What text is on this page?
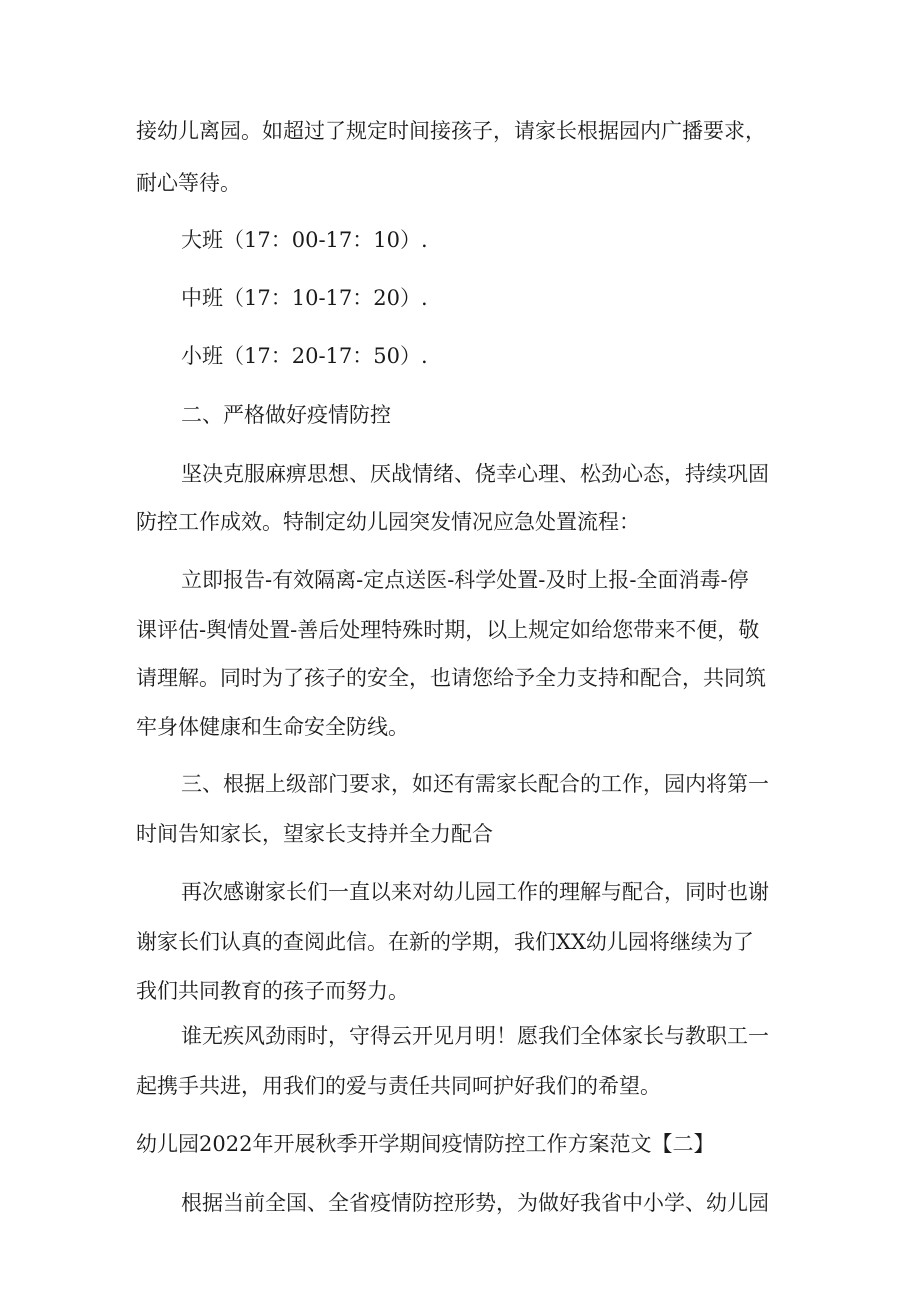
接幼儿离园。如超过了规定时间接孩子，请家长根据园内广播要求，
耐心等待。
大班（17：00-17：10）.
中班（17：10-17：20）.
小班（17：20-17：50）.
二、严格做好疫情防控
坚决克服麻痹思想、厌战情绪、侥幸心理、松劲心态，持续巩固
防控工作成效。特制定幼儿园突发情况应急处置流程：
立即报告-有效隔离-定点送医-科学处置-及时上报-全面消毒-停
课评估-舆情处置-善后处理特殊时期，以上规定如给您带来不便，敬
请理解。同时为了孩子的安全，也请您给予全力支持和配合，共同筑
牢身体健康和生命安全防线。
三、根据上级部门要求，如还有需家长配合的工作，园内将第一
时间告知家长，望家长支持并全力配合
再次感谢家长们一直以来对幼儿园工作的理解与配合，同时也谢
谢家长们认真的查阅此信。在新的学期，我们XX幼儿园将继续为了
我们共同教育的孩子而努力。
谁无疾风劲雨时，守得云开见月明！愿我们全体家长与教职工一
起携手共进，用我们的爱与责任共同呵护好我们的希望。
幼儿园2022年开展秋季开学期间疫情防控工作方案范文【二】
根据当前全国、全省疫情防控形势，为做好我省中小学、幼儿园
